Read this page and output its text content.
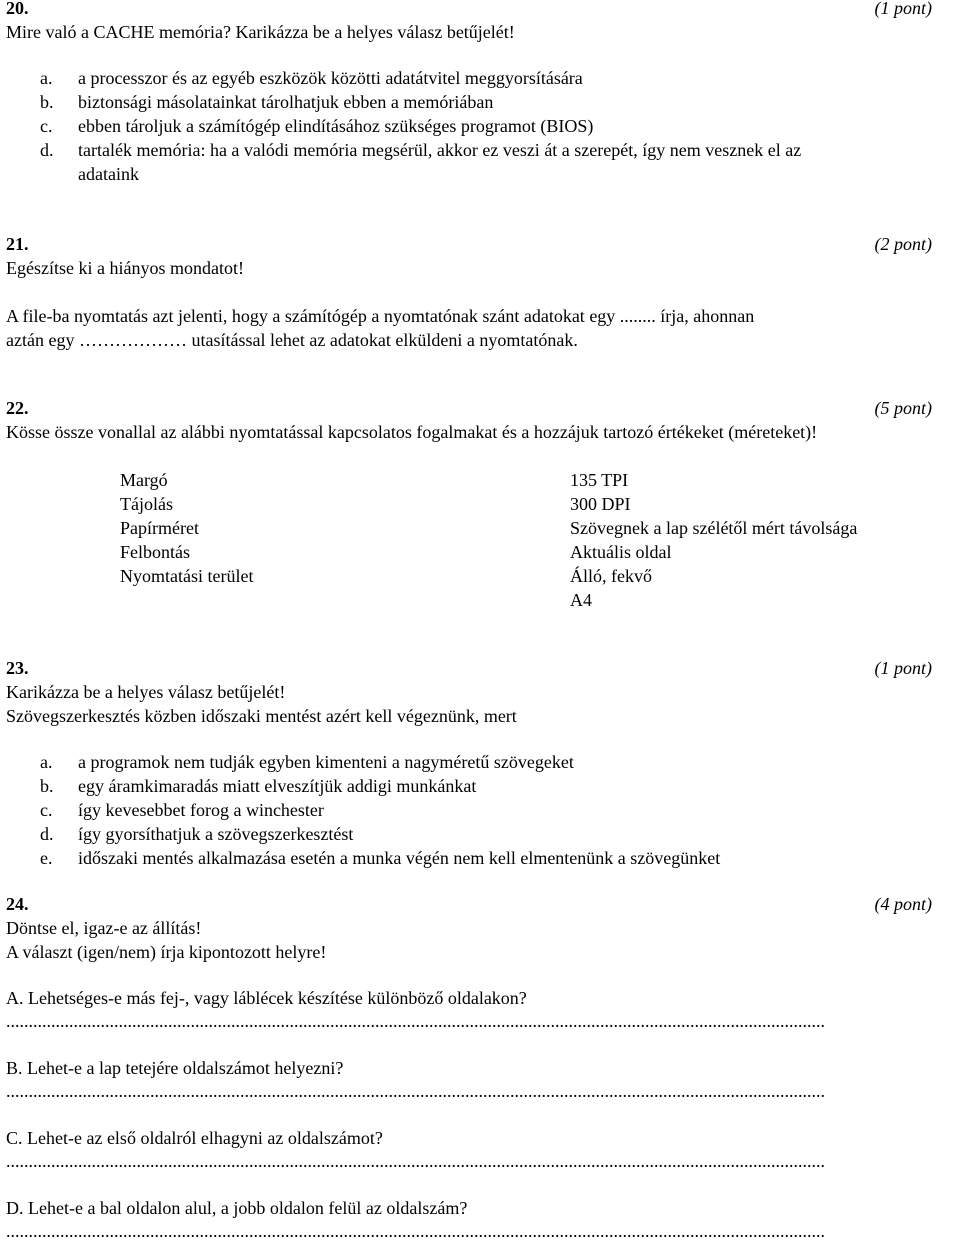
20.	(1 pont)
Mire való a CACHE memória? Karikázza be a helyes válasz betűjelét!
a. a processzor és az egyéb eszközök közötti adatátvitel meggyorsítására
b. biztonsági másolatainkat tárolhatjuk ebben a memóriában
c. ebben tároljuk a számítógép elindításához szükséges programot (BIOS)
d. tartalék memória: ha a valódi memória megsérül, akkor ez veszi át a szerepét, így nem vesznek el az
adataink
21.	(2 pont)
Egészítse ki a hiányos mondatot!
A file-ba nyomtatás azt jelenti, hogy a számítógép a nyomtatónak szánt adatokat egy ........ írja, ahonnan
aztán egy ……………… utasítással lehet az adatokat elküldeni a nyomtatónak.
22.	(5 pont)
Kösse össze vonallal az alábbi nyomtatással kapcsolatos fogalmakat és a hozzájuk tartozó értékeket (méreteket)!
Margó
Tájolás
Papírméret
Felbontás
Nyomtatási terület
135 TPI
300 DPI
Szövegnek a lap szélétől mért távolsága
Aktuális oldal
Álló, fekvő
A4
23.	(1 pont)
Karikázza be a helyes válasz betűjelét!
Szövegszerkesztés közben időszaki mentést azért kell végeznünk, mert
a. a programok nem tudják egyben kimenteni a nagyméretű szövegeket
b. egy áramkimaradás miatt elveszítjük addigi munkánkat
c. így kevesebbet forog a winchester
d. így gyorsíthatjuk a szövegszerkesztést
e. időszaki mentés alkalmazása esetén a munka végén nem kell elmentenünk a szövegünket
24.	(4 pont)
Döntse el, igaz-e az állítás!
A választ (igen/nem) írja kipontozott helyre!
A. Lehetséges-e más fej-, vagy láblécek készítése különböző oldalakon?
......................................................................................................................................................................................
B. Lehet-e a lap tetejére oldalszámot helyezni?
......................................................................................................................................................................................
C. Lehet-e az első oldalról elhagyni az oldalszámot?
......................................................................................................................................................................................
D. Lehet-e a bal oldalon alul, a jobb oldalon felül az oldalszám?
......................................................................................................................................................................................
